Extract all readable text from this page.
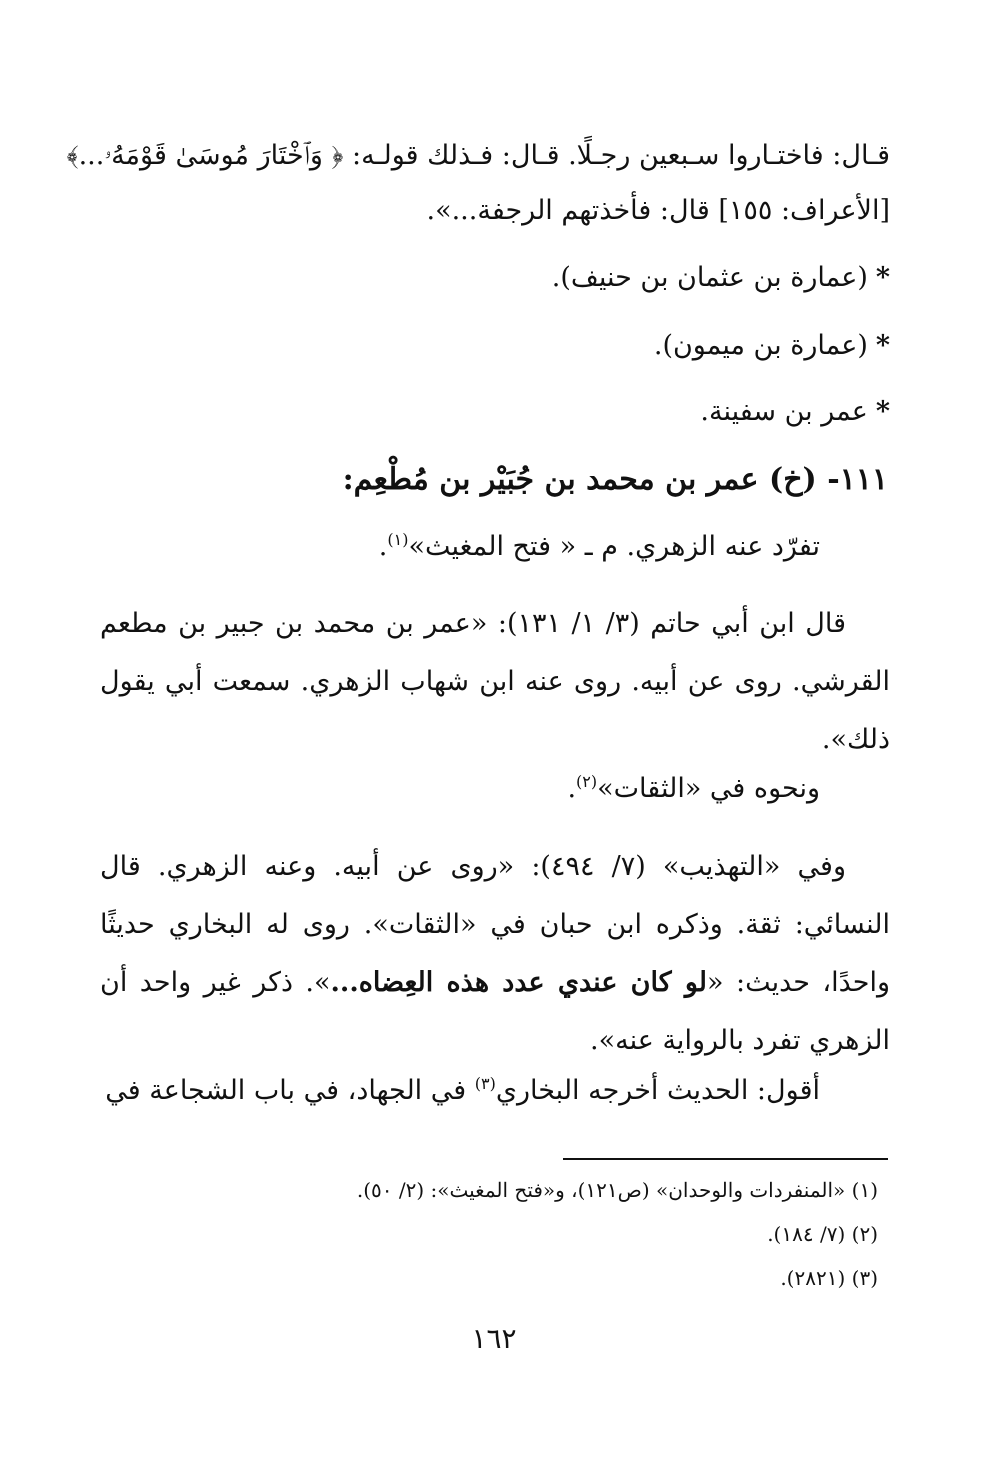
قـال: فاختـاروا سـبعين رجـلًا. قـال: فـذلك قولـه: ﴿ وَٱخْتَارَ مُوسَىٰ قَوْمَهُۥ...﴾
[الأعراف: ١٥٥] قال: فأخذتهم الرجفة...».
*(عمارة بن عثمان بن حنيف).
*(عمارة بن ميمون).
*عمر بن سفينة.
١١١- (خ) عمر بن محمد بن جُبَيْر بن مُطْعِم:
تفرّد عنه الزهري. م ـ « فتح المغيث»$^{(١)}$.
قال ابن أبي حاتم (٣/ ١/ ١٣١): «عمر بن محمد بن جبير بن مطعم القرشي. روى عن أبيه. روى عنه ابن شهاب الزهري. سمعت أبي يقول ذلك».
ونحوه في «الثقات»$^{(٢)}$.
وفي «التهذيب» (٧/ ٤٩٤): «روى عن أبيه. وعنه الزهري. قال النسائي: ثقة. وذكره ابن حبان في «الثقات». روى له البخاري حديثًا واحدًا، حديث: «لو كان عندي عدد هذه العِضاه...». ذكر غير واحد أن الزهري تفرد بالرواية عنه».
أقول: الحديث أخرجه البخاري$^{(٣)}$ في الجهاد، في باب الشجاعة في
(١) «المنفردات والوحدان» (ص١٢١)، و«فتح المغيث»: (٢/ ٥٠).
(٢) (٧/ ١٨٤).
(٣) (٢٨٢١).
١٦٢
